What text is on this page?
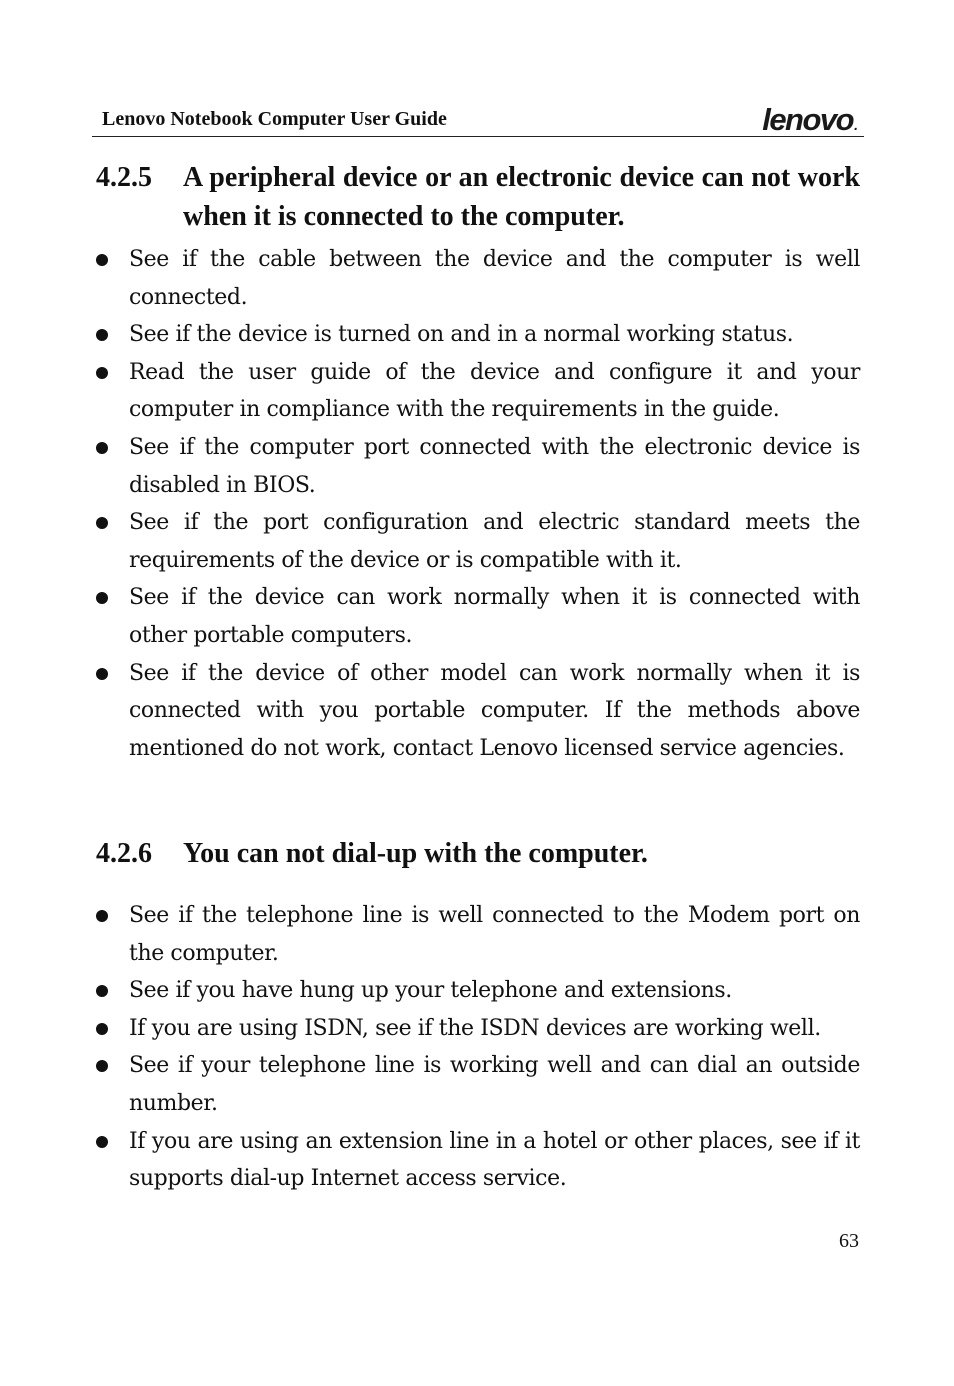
Lenovo Notebook Computer User Guide	lenovo.
4.2.5	A peripheral device or an electronic device can not work when it is connected to the computer.
See if the cable between the device and the computer is well connected.
See if the device is turned on and in a normal working status.
Read the user guide of the device and configure it and your computer in compliance with the requirements in the guide.
See if the computer port connected with the electronic device is disabled in BIOS.
See if the port configuration and electric standard meets the requirements of the device or is compatible with it.
See if the device can work normally when it is connected with other portable computers.
See if the device of other model can work normally when it is connected with you portable computer. If the methods above mentioned do not work, contact Lenovo licensed service agencies.
4.2.6	You can not dial-up with the computer.
See if the telephone line is well connected to the Modem port on the computer.
See if you have hung up your telephone and extensions.
If you are using ISDN, see if the ISDN devices are working well.
See if your telephone line is working well and can dial an outside number.
If you are using an extension line in a hotel or other places, see if it supports dial-up Internet access service.
63
